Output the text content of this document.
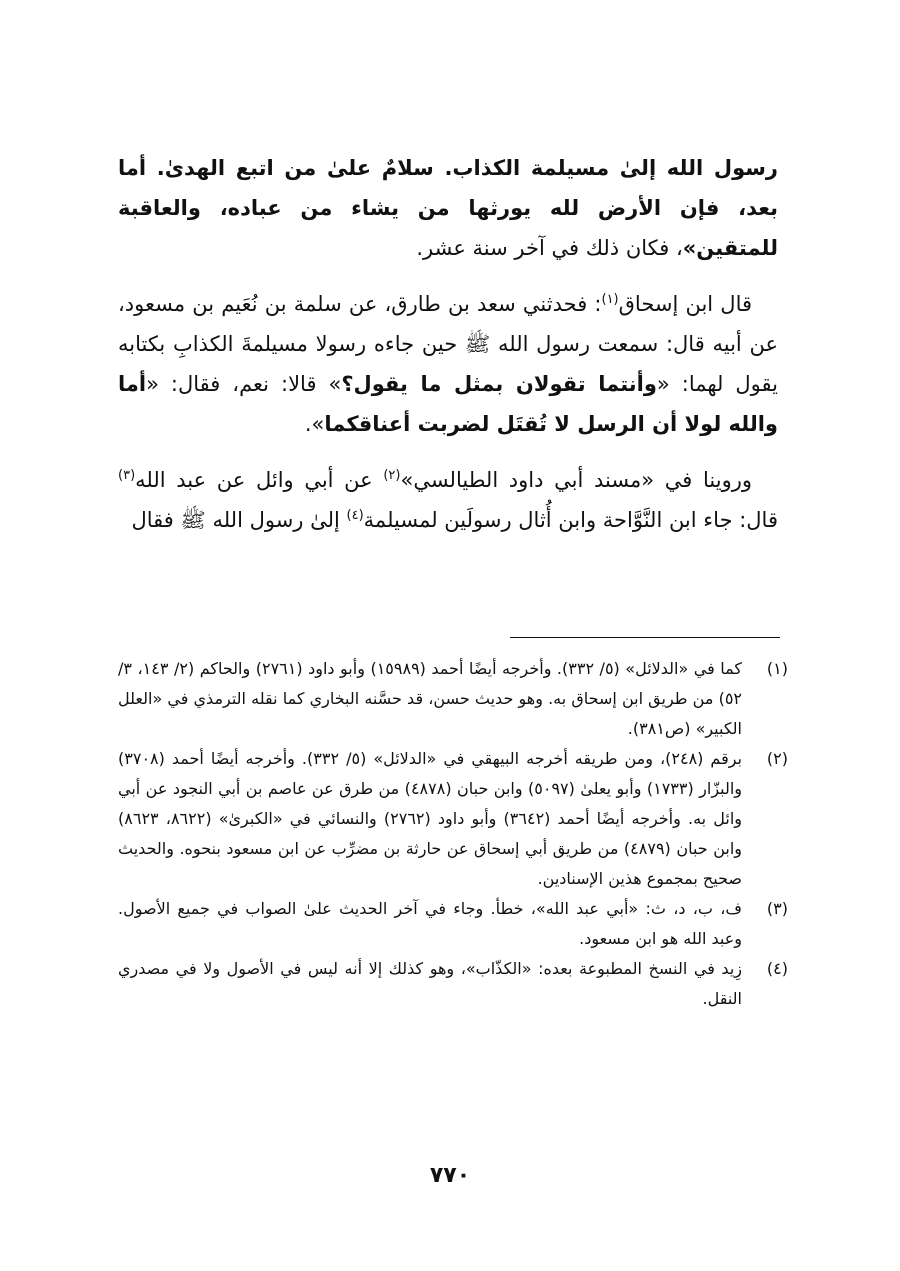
رسول الله إلىٰ مسيلمة الكذاب. سلامٌ علىٰ من اتبع الهدىٰ. أما بعد، فإن الأرض لله يورثها من يشاء من عباده، والعاقبة للمتقين»، فكان ذلك في آخر سنة عشر.

قال ابن إسحاق$^{(١)}$: فحدثني سعد بن طارق، عن سلمة بن نُعَيم بن مسعود، عن أبيه قال: سمعت رسول الله ﷺ حين جاءه رسولا مسيلمةَ الكذابِ بكتابه يقول لهما: «وأنتما تقولان بمثل ما يقول؟» قالا: نعم، فقال: «أما والله لولا أن الرسل لا تُقتَل لضربت أعناقكما».

وروينا في «مسند أبي داود الطيالسي»$^{(٢)}$ عن أبي وائل عن عبد الله$^{(٣)}$ قال: جاء ابن النَّوَّاحة وابن أُثال رسولَين لمسيلمة$^{(٤)}$ إلىٰ رسول الله ﷺ فقال

(١)
كما في «الدلائل» (٥/ ٣٣٢). وأخرجه أيضًا أحمد (١٥٩٨٩) وأبو داود (٢٧٦١) والحاكم (٢/ ١٤٣، ٣/ ٥٢) من طريق ابن إسحاق به. وهو حديث حسن، قد حسَّنه البخاري كما نقله الترمذي في «العلل الكبير» (ص٣٨١).

(٢)
برقم (٢٤٨)، ومن طريقه أخرجه البيهقي في «الدلائل» (٥/ ٣٣٢). وأخرجه أيضًا أحمد (٣٧٠٨) والبزّار (١٧٣٣) وأبو يعلىٰ (٥٠٩٧) وابن حبان (٤٨٧٨) من طرق عن عاصم بن أبي النجود عن أبي وائل به. وأخرجه أيضًا أحمد (٣٦٤٢) وأبو داود (٢٧٦٢) والنسائي في «الكبرىٰ» (٨٦٢٢، ٨٦٢٣) وابن حبان (٤٨٧٩) من طريق أبي إسحاق عن حارثة بن مضرِّب عن ابن مسعود بنحوه. والحديث صحيح بمجموع هذين الإسنادين.

(٣)
ف، ب، د، ث: «أبي عبد الله»، خطأ. وجاء في آخر الحديث علىٰ الصواب في جميع الأصول. وعبد الله هو ابن مسعود.

(٤)
زِيد في النسخ المطبوعة بعده: «الكذّاب»، وهو كذلك إلا أنه ليس في الأصول ولا في مصدري النقل.

٧٧٠
